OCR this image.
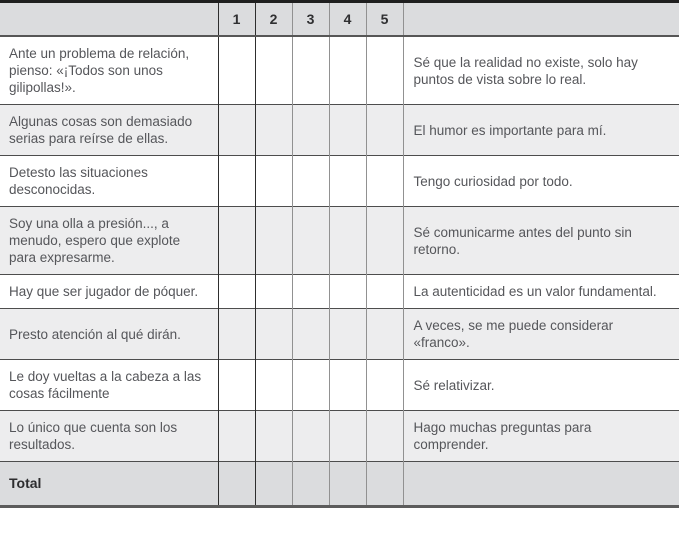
	1	2	3	4	5	
Ante un problema de relación, pienso: «¡Todos son unos gilipollas!».						Sé que la realidad no existe, solo hay puntos de vista sobre lo real.
Algunas cosas son demasiado serias para reírse de ellas.						El humor es importante para mí.
Detesto las situaciones desconocidas.						Tengo curiosidad por todo.
Soy una olla a presión..., a menudo, espero que explote para expresarme.						Sé comunicarme antes del punto sin retorno.
Hay que ser jugador de póquer.						La autenticidad es un valor fundamental.
Presto atención al qué dirán.						A veces, se me puede considerar «franco».
Le doy vueltas a la cabeza a las cosas fácilmente						Sé relativizar.
Lo único que cuenta son los resultados.						Hago muchas preguntas para comprender.
Total						
